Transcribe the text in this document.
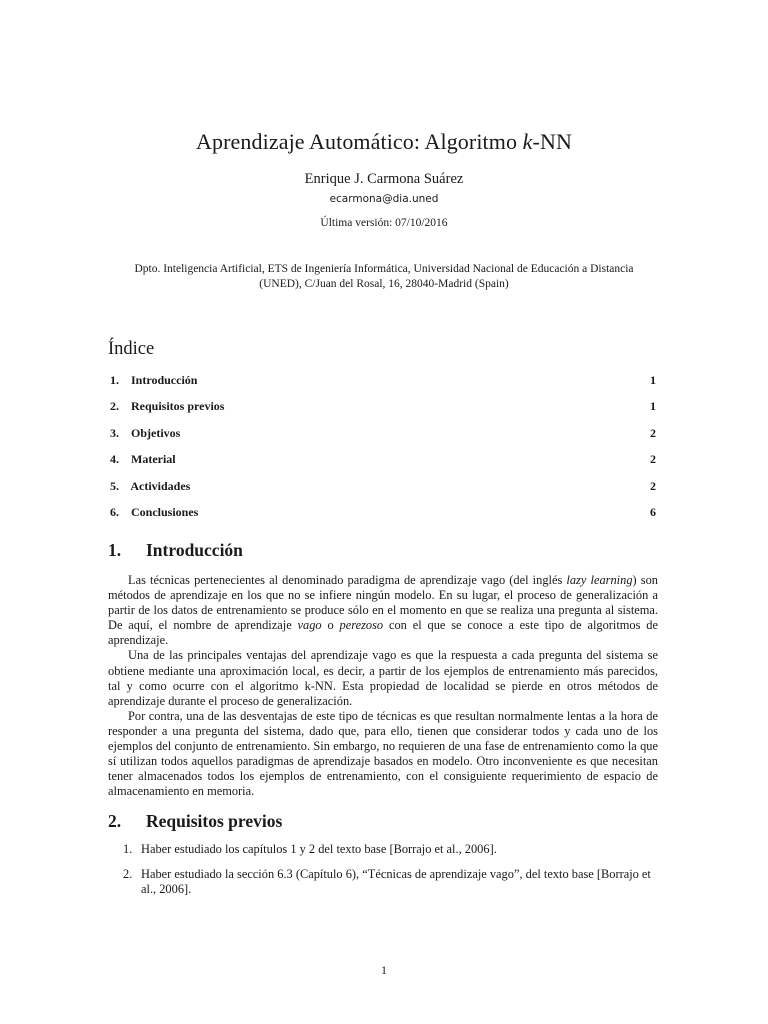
Aprendizaje Automático: Algoritmo k-NN
Enrique J. Carmona Suárez
ecarmona@dia.uned
Última versión: 07/10/2016
Dpto. Inteligencia Artificial, ETS de Ingeniería Informática, Universidad Nacional de Educación a Distancia (UNED), C/Juan del Rosal, 16, 28040-Madrid (Spain)
Índice
1. Introducción	1
2. Requisitos previos	1
3. Objetivos	2
4. Material	2
5. Actividades	2
6. Conclusiones	6
1. Introducción

Las técnicas pertenecientes al denominado paradigma de aprendizaje vago (del inglés lazy learning) son métodos de aprendizaje en los que no se infiere ningún modelo. En su lugar, el proceso de generalización a partir de los datos de entrenamiento se produce sólo en el momento en que se realiza una pregunta al sistema. De aquí, el nombre de aprendizaje vago o perezoso con el que se conoce a este tipo de algoritmos de aprendizaje.

Una de las principales ventajas del aprendizaje vago es que la respuesta a cada pregunta del sistema se obtiene mediante una aproximación local, es decir, a partir de los ejemplos de entrenamiento más parecidos, tal y como ocurre con el algoritmo k-NN. Esta propiedad de localidad se pierde en otros métodos de aprendizaje durante el proceso de generalización.

Por contra, una de las desventajas de este tipo de técnicas es que resultan normalmente lentas a la hora de responder a una pregunta del sistema, dado que, para ello, tienen que considerar todos y cada uno de los ejemplos del conjunto de entrenamiento. Sin embargo, no requieren de una fase de entrenamiento como la que sí utilizan todos aquellos paradigmas de aprendizaje basados en modelo. Otro inconveniente es que necesitan tener almacenados todos los ejemplos de entrenamiento, con el consiguiente requerimiento de espacio de almacenamiento en memoria.

2. Requisitos previos
1. Haber estudiado los capítulos 1 y 2 del texto base [Borrajo et al., 2006].
2. Haber estudiado la sección 6.3 (Capítulo 6), “Técnicas de aprendizaje vago”, del texto base [Borrajo et al., 2006].
1
